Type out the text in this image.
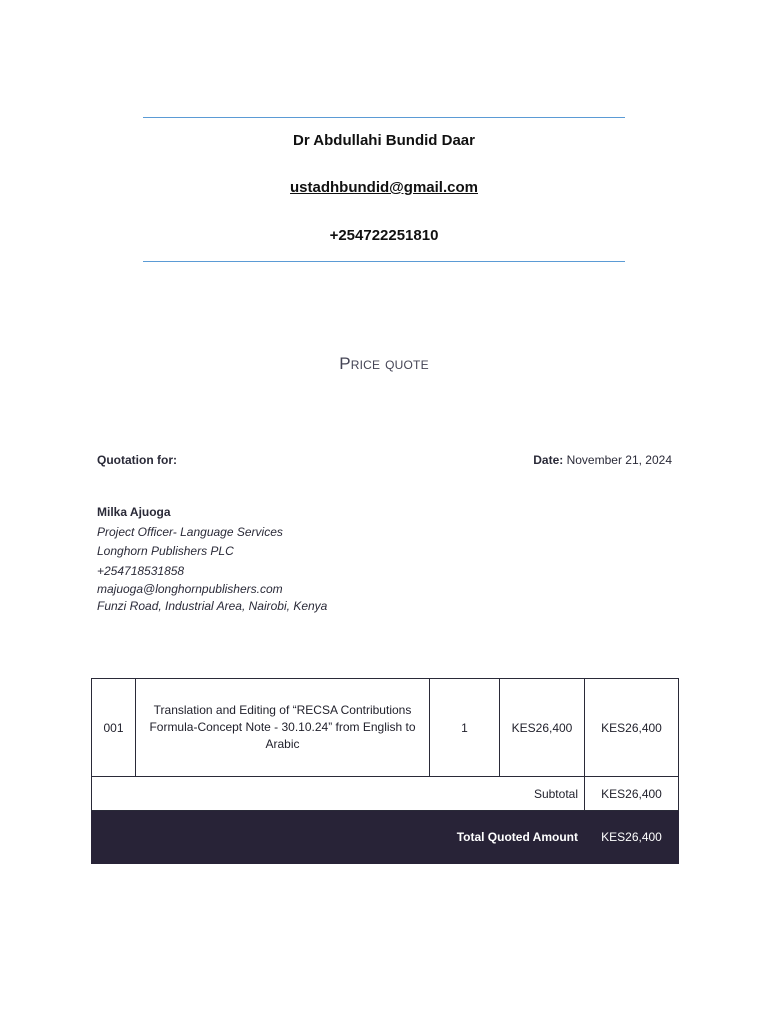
Dr Abdullahi Bundid Daar
ustadhbundid@gmail.com
+254722251810
Price quote
Quotation for:	Date: November 21, 2024
Milka Ajuoga
Project Officer- Language Services
Longhorn Publishers PLC
+254718531858
majuoga@longhornpublishers.com
Funzi Road, Industrial Area, Nairobi, Kenya
001	Translation and Editing of “RECSA Contributions Formula-Concept Note - 30.10.24” from English to Arabic	1	KES26,400	KES26,400
Subtotal				KES26,400
Total Quoted Amount				KES26,400
